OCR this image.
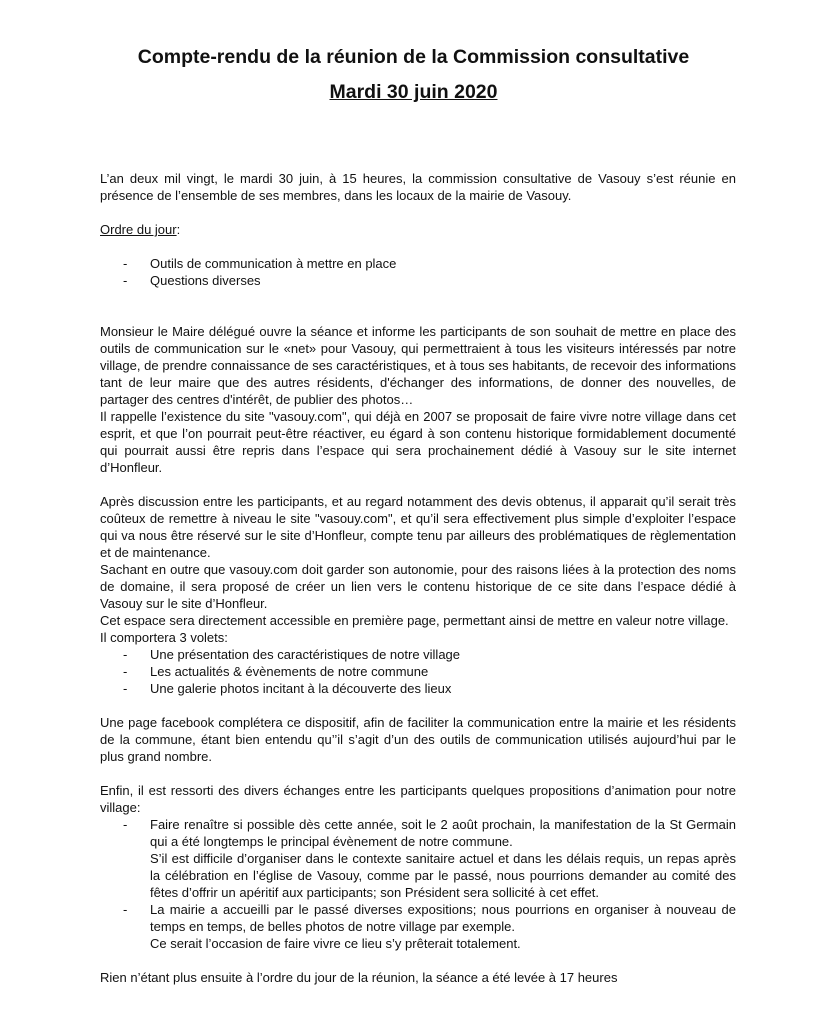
Compte-rendu de la réunion de la Commission consultative
Mardi 30 juin 2020

L’an deux mil vingt, le mardi 30 juin, à 15 heures, la commission consultative de Vasouy s’est réunie en présence de l’ensemble de ses membres, dans les locaux de la mairie de Vasouy.

Ordre du jour:

- Outils de communication à mettre en place
- Questions diverses

Monsieur le Maire délégué ouvre la séance et informe les participants de son souhait de mettre en place des outils de communication sur le «net» pour Vasouy, qui permettraient à tous les visiteurs intéressés par notre village, de prendre connaissance de ses caractéristiques, et à tous ses habitants, de recevoir des informations tant de leur maire que des autres résidents, d'échanger des informations, de donner des nouvelles, de partager des centres d'intérêt, de publier des photos…

Il rappelle l’existence du site "vasouy.com", qui déjà en 2007 se proposait de faire vivre notre village dans cet esprit, et que l’on pourrait peut-être réactiver, eu égard à son contenu historique formidablement documenté qui pourrait aussi être repris dans l’espace qui sera prochainement dédié à Vasouy sur le site internet d’Honfleur.

Après discussion entre les participants, et au regard notamment des devis obtenus, il apparait qu’il serait très coûteux de remettre à niveau le site "vasouy.com", et qu’il sera effectivement plus simple d’exploiter l’espace qui va nous être réservé sur le site d’Honfleur, compte tenu par ailleurs des problématiques de règlementation et de maintenance.

Sachant en outre que vasouy.com doit garder son autonomie, pour des raisons liées à la protection des noms de domaine, il sera proposé de créer un lien vers le contenu historique de ce site dans l’espace dédié à Vasouy sur le site d’Honfleur.

Cet espace sera directement accessible en première page, permettant ainsi de mettre en valeur notre village.

Il comportera 3 volets:

- Une présentation des caractéristiques de notre village
- Les actualités & évènements de notre commune
- Une galerie photos incitant à la découverte des lieux

Une page facebook complétera ce dispositif, afin de faciliter la communication entre la mairie et les résidents de la commune, étant bien entendu qu’’il s’agit d’un des outils de communication utilisés aujourd’hui par le plus grand nombre.

Enfin, il est ressorti des divers échanges entre les participants quelques propositions d’animation pour notre village:

- Faire renaître si possible dès cette année, soit le 2 août prochain, la manifestation de la St Germain qui a été longtemps le principal évènement de notre commune.

S’il est difficile d’organiser dans le contexte sanitaire actuel et dans les délais requis, un repas après la célébration en l’église de Vasouy, comme par le passé, nous pourrions demander au comité des fêtes d’offrir un apéritif aux participants; son Président sera sollicité à cet effet.

- La mairie a accueilli par le passé diverses expositions; nous pourrions en organiser à nouveau de temps en temps, de belles photos de notre village par exemple.

Ce serait l’occasion de faire vivre ce lieu s’y prêterait totalement.

Rien n’étant plus ensuite à l’ordre du jour de la réunion, la séance a été levée à 17 heures
